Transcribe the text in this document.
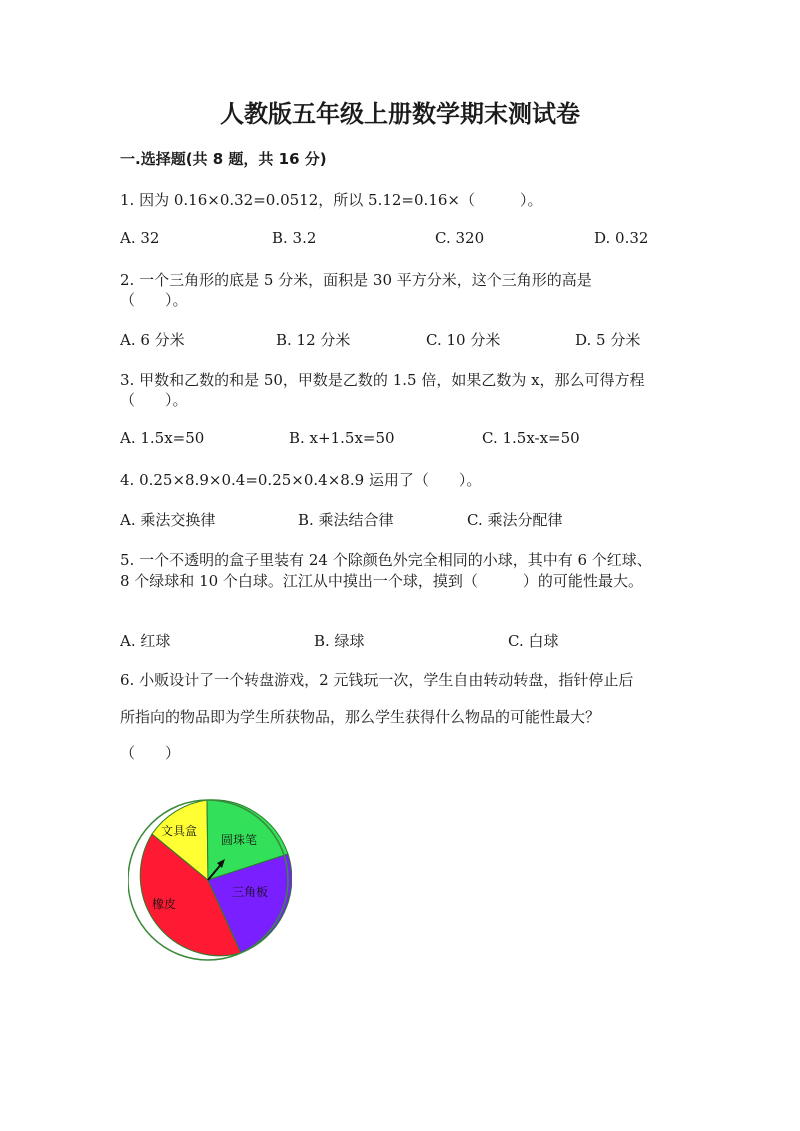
人教版五年级上册数学期末测试卷
一.选择题(共 8 题，共 16 分)
1. 因为 0.16×0.32=0.0512，所以 5.12=0.16×（　　　）。
A. 32	B. 3.2	C. 320	D. 0.32
2. 一个三角形的底是 5 分米，面积是 30 平方分米，这个三角形的高是
（　　）。
A. 6 分米	B. 12 分米	C. 10 分米	D. 5 分米
3. 甲数和乙数的和是 50，甲数是乙数的 1.5 倍，如果乙数为 x，那么可得方程
（　　）。
A. 1.5x=50	B. x+1.5x=50	C. 1.5x-x=50
4. 0.25×8.9×0.4=0.25×0.4×8.9 运用了（　　）。
A. 乘法交换律	B. 乘法结合律	C. 乘法分配律
5. 一个不透明的盒子里装有 24 个除颜色外完全相同的小球，其中有 6 个红球、
8 个绿球和 10 个白球。江江从中摸出一个球，摸到（　　　）的可能性最大。
A. 红球	B. 绿球	C. 白球
6. 小贩设计了一个转盘游戏，2 元钱玩一次，学生自由转动转盘，指针停止后
所指向的物品即为学生所获物品，那么学生获得什么物品的可能性最大？
（　　）
文具盒
圆珠笔
三角板
橡皮
